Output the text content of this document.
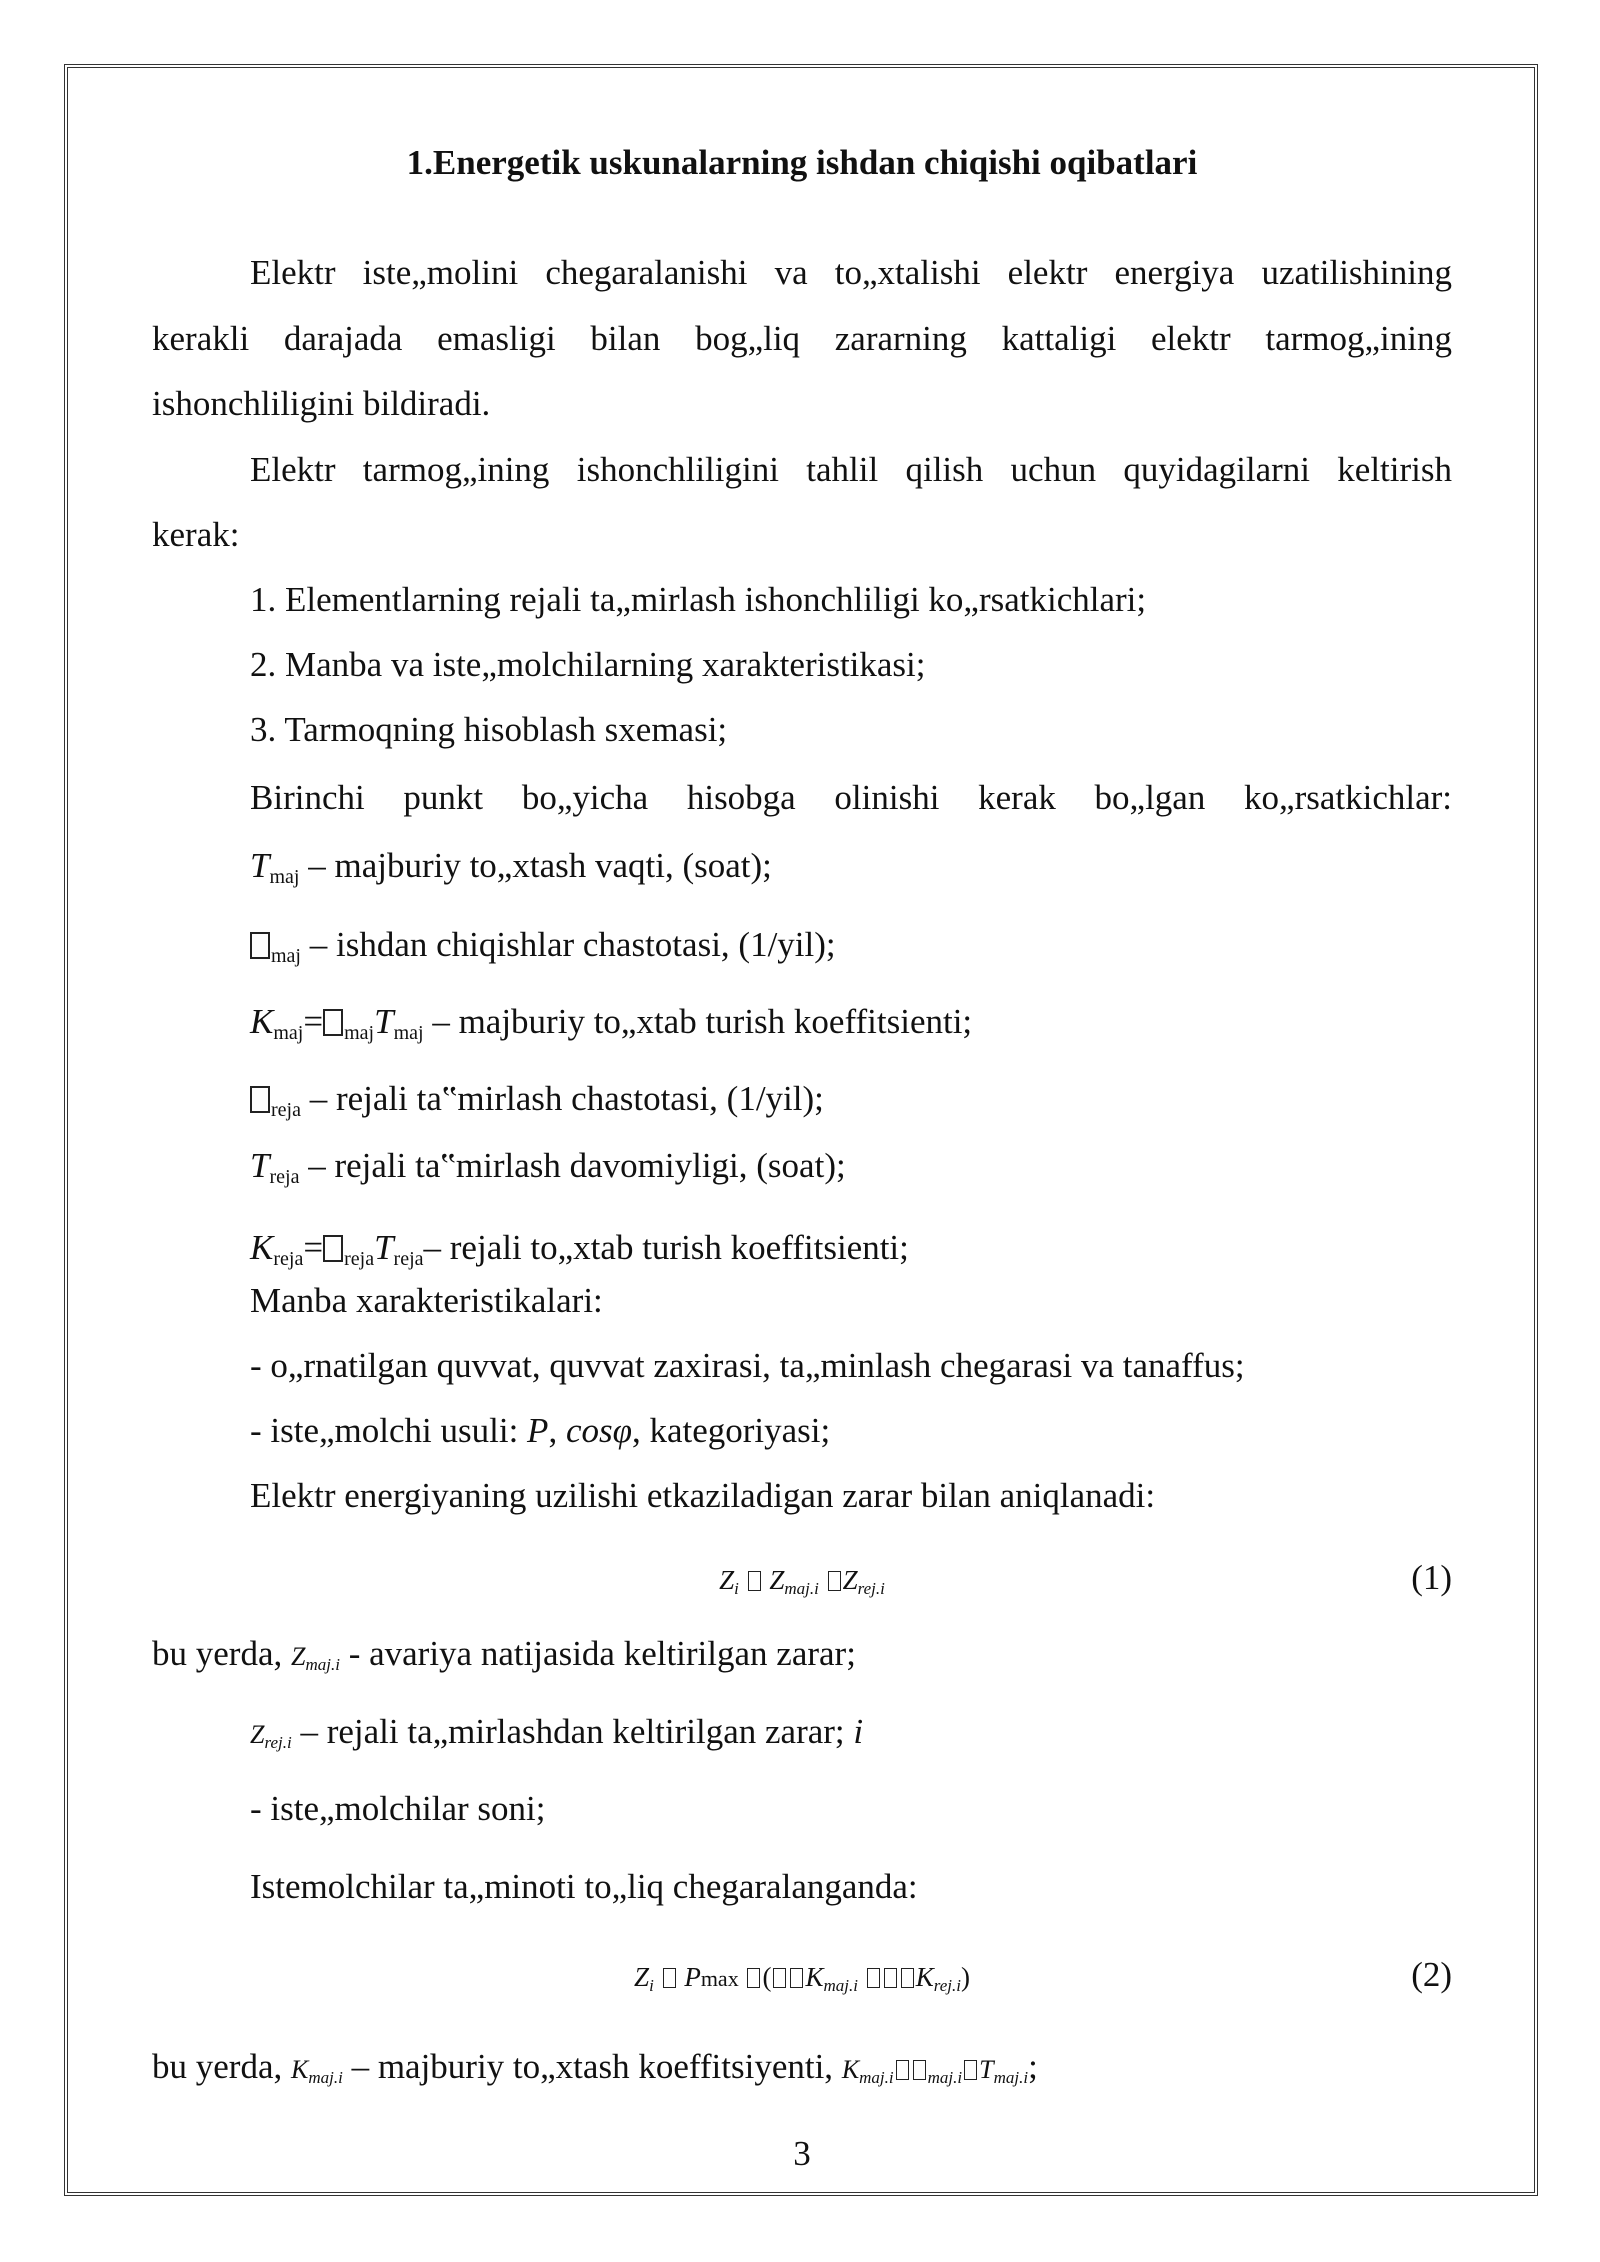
1.Energetik uskunalarning ishdan chiqishi oqibatlari
Elektr iste„molini chegaralanishi va to„xtalishi elektr energiya uzatilishining
kerakli darajada emasligi bilan bog„liq zararning kattaligi elektr tarmog„ining
ishonchliligini bildiradi.
Elektr tarmog„ining ishonchliligini tahlil qilish uchun quyidagilarni keltirish
kerak:
1. Elementlarning rejali ta„mirlash ishonchliligi ko„rsatkichlari;
2. Manba va iste„molchilarning xarakteristikasi;
3. Tarmoqning hisoblash sxemasi;
Birinchi punkt bo„yicha hisobga olinishi kerak bo„lgan ko„rsatkichlar:
$T_{maj}$ – majburiy to„xtash vaqti, (soat);
$_{maj}$ – ishdan chiqishlar chastotasi, (1/yil);
$K_{maj}= _{maj}T_{maj}$ – majburiy to„xtab turish koeffitsienti;
$_{reja}$ – rejali ta‟mirlash chastotasi, (1/yil);
$T_{reja}$ – rejali ta‟mirlash davomiyligi, (soat);
$K_{reja}= _{reja}T_{reja}-$ rejali to„xtab turish koeffitsienti;
Manba xarakteristikalari:
- o„rnatilgan quvvat, quvvat zaxirasi, ta„minlash chegarasi va tanaffus;
- iste„molchi usuli: P, cosφ, kategoriyasi;
Elektr energiyaning uzilishi etkaziladigan zarar bilan aniqlanadi:
Zi Zmaj.i Zrej.i	(1)
bu yerda, Zmaj.i - avariya natijasida keltirilgan zarar;
Zrej.i – rejali ta„mirlashdan keltirilgan zarar; i
- iste„molchilar soni;
Istemolchilar ta„minoti to„liq chegaralanganda:
Zi Pmax ( Kmaj.i Krej.i)	(2)
bu yerda, Kmaj.i – majburiy to„xtash koeffitsiyenti, Kmaj.i maj.i Tmaj.i;
3
